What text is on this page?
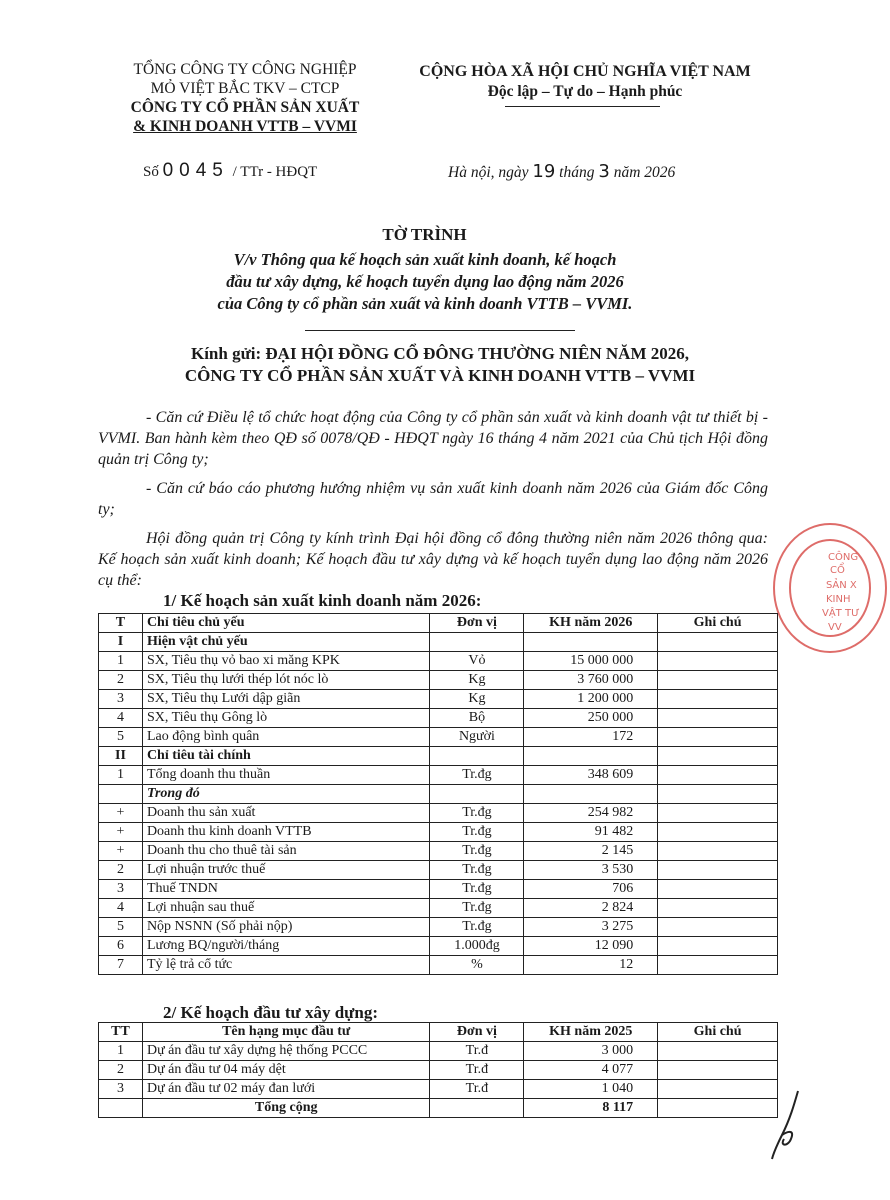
TỔNG CÔNG TY CÔNG NGHIỆP
MỎ VIỆT BẮC TKV – CTCP
CÔNG TY CỔ PHẦN SẢN XUẤT
& KINH DOANH VTTB – VVMI
CỘNG HÒA XÃ HỘI CHỦ NGHĨA VIỆT NAM
Độc lập – Tự do – Hạnh phúc
Số 0045 / TTr - HĐQT	Hà nội, ngày 19 tháng 3 năm 2026
TỜ TRÌNH
V/v Thông qua kế hoạch sản xuất kinh doanh, kế hoạch
đầu tư xây dựng, kế hoạch tuyển dụng lao động năm 2026
của Công ty cổ phần sản xuất và kinh doanh VTTB – VVMI.
Kính gửi: ĐẠI HỘI ĐỒNG CỔ ĐÔNG THƯỜNG NIÊN NĂM 2026,
CÔNG TY CỔ PHẦN SẢN XUẤT VÀ KINH DOANH VTTB – VVMI
- Căn cứ Điều lệ tổ chức hoạt động của Công ty cổ phần sản xuất và kinh doanh vật tư thiết bị - VVMI. Ban hành kèm theo QĐ số 0078/QĐ - HĐQT ngày 16 tháng 4 năm 2021 của Chủ tịch Hội đồng quản trị Công ty;
- Căn cứ báo cáo phương hướng nhiệm vụ sản xuất kinh doanh năm 2026 của Giám đốc Công ty;
Hội đồng quản trị Công ty kính trình Đại hội đồng cổ đông thường niên năm 2026 thông qua: Kế hoạch sản xuất kinh doanh; Kế hoạch đầu tư xây dựng và kế hoạch tuyển dụng lao động năm 2026 cụ thể:
CÔNG
CỔ
SẢN X
KINH
VẬT TƯ
VV
1/ Kế hoạch sản xuất kinh doanh năm 2026:
T	Chỉ tiêu chủ yếu	Đơn vị	KH năm 2026	Ghi chú
I	Hiện vật chủ yếu			
1	SX, Tiêu thụ vỏ bao xi măng KPK	Vỏ	15 000 000	
2	SX, Tiêu thụ lưới thép lót nóc lò	Kg	3 760 000	
3	SX, Tiêu thụ Lưới dập giãn	Kg	1 200 000	
4	SX, Tiêu thụ Gông lò	Bộ	250 000	
5	Lao động bình quân	Người	172	
II	Chỉ tiêu tài chính			
1	Tổng doanh thu thuần	Tr.đg	348 609	
	Trong đó			
+	Doanh thu sản xuất	Tr.đg	254 982	
+	Doanh thu kinh doanh VTTB	Tr.đg	91 482	
+	Doanh thu cho thuê tài sản	Tr.đg	2 145	
2	Lợi nhuận trước thuế	Tr.đg	3 530	
3	Thuế TNDN	Tr.đg	706	
4	Lợi nhuận sau thuế	Tr.đg	2 824	
5	Nộp NSNN (Số phải nộp)	Tr.đg	3 275	
6	Lương BQ/người/tháng	1.000đg	12 090	
7	Tỷ lệ trả cổ tức	%	12	
2/ Kế hoạch đầu tư xây dựng:
TT	Tên hạng mục đầu tư	Đơn vị	KH năm 2025	Ghi chú
1	Dự án đầu tư xây dựng hệ thống PCCC	Tr.đ	3 000	
2	Dự án đầu tư 04 máy dệt	Tr.đ	4 077	
3	Dự án đầu tư 02 máy đan lưới	Tr.đ	1 040	
	Tổng cộng		8 117	
